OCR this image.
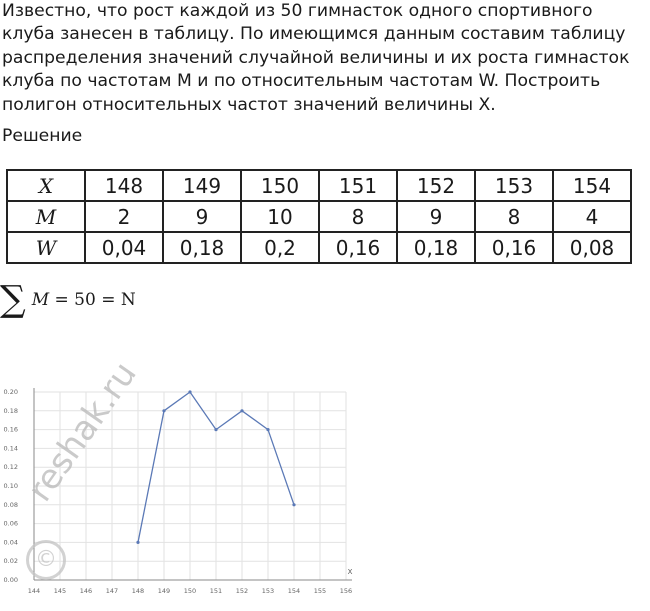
Известно, что рост каждой из 50 гимнасток одного спортивного клуба занесен в таблицу. По имеющимся данным составим таблицу распределения значений случайной величины и их роста гимнасток клуба по частотам M и по относительным частотам W. Построить полигон относительных частот значений величины X.

Решение
X	148	149	150	151	152	153	154
M	2	9	10	8	9	8	4
W	0,04	0,18	0,2	0,16	0,18	0,16	0,08
∑ M = 50 = N
144 145 146 147 148 149 150 151 152 153 154 155 156
0.00
0.02
0.04
0.06
0.08
0.10
0.12
0.14
0.16
0.18
0.20
X
reshak.ru
©
